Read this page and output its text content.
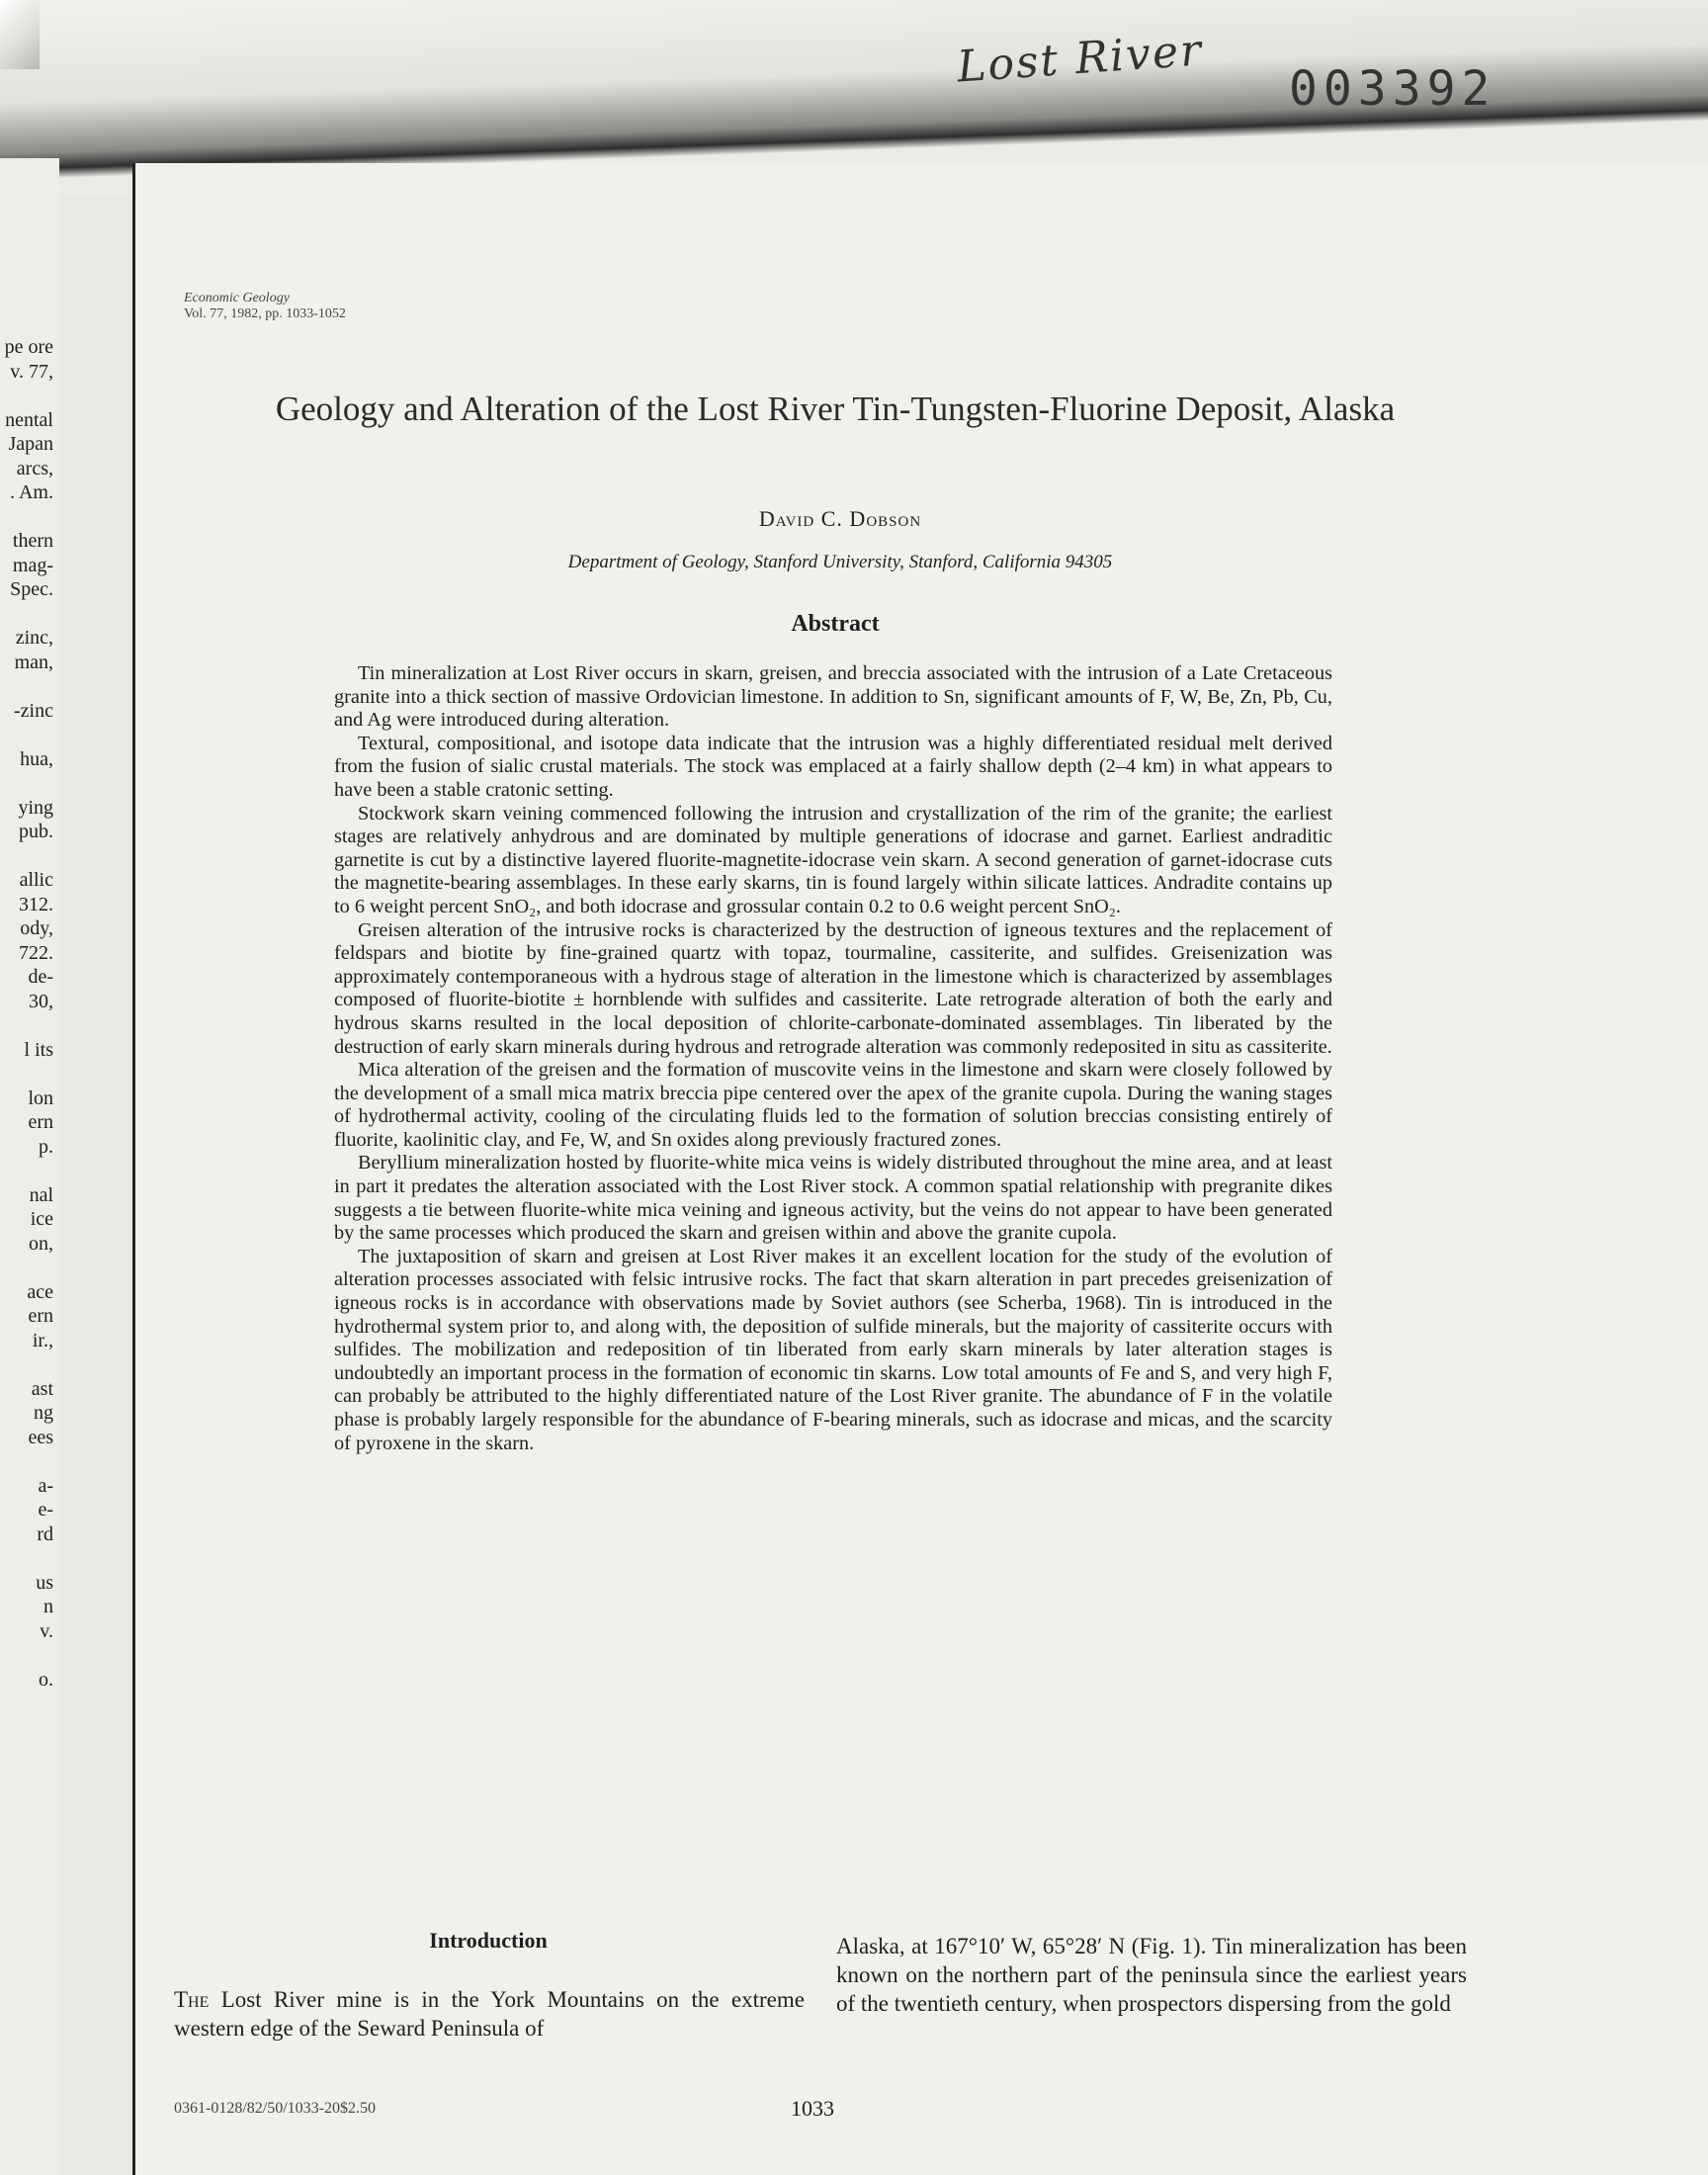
pe ore
v. 77,
nental
Japan
arcs,
. Am.
thern
mag-
Spec.
zinc,
man,
-zinc
hua,
ying
pub.
allic
312.
ody,
722.
de-
30,
l its
lon
ern
p.
nal
ice
on,
ace
ern
ir.,
ast
ng
ees
a-
e-
rd
us
n
v.
o.
Lost River 003392
Economic Geology
Vol. 77, 1982, pp. 1033-1052
Geology and Alteration of the Lost River Tin-Tungsten-Fluorine Deposit, Alaska
David C. Dobson
Department of Geology, Stanford University, Stanford, California 94305
Abstract

Tin mineralization at Lost River occurs in skarn, greisen, and breccia associated with the intrusion of a Late Cretaceous granite into a thick section of massive Ordovician limestone. In addition to Sn, significant amounts of F, W, Be, Zn, Pb, Cu, and Ag were introduced during alteration.

Textural, compositional, and isotope data indicate that the intrusion was a highly differentiated residual melt derived from the fusion of sialic crustal materials. The stock was emplaced at a fairly shallow depth (2–4 km) in what appears to have been a stable cratonic setting.

Stockwork skarn veining commenced following the intrusion and crystallization of the rim of the granite; the earliest stages are relatively anhydrous and are dominated by multiple generations of idocrase and garnet. Earliest andraditic garnetite is cut by a distinctive layered fluorite-magnetite-idocrase vein skarn. A second generation of garnet-idocrase cuts the magnetite-bearing assemblages. In these early skarns, tin is found largely within silicate lattices. Andradite contains up to 6 weight percent SnO₂, and both idocrase and grossular contain 0.2 to 0.6 weight percent SnO₂.

Greisen alteration of the intrusive rocks is characterized by the destruction of igneous textures and the replacement of feldspars and biotite by fine-grained quartz with topaz, tourmaline, cassiterite, and sulfides. Greisenization was approximately contemporaneous with a hydrous stage of alteration in the limestone which is characterized by assemblages composed of fluorite-biotite ± hornblende with sulfides and cassiterite. Late retrograde alteration of both the early and hydrous skarns resulted in the local deposition of chlorite-carbonate-dominated assemblages. Tin liberated by the destruction of early skarn minerals during hydrous and retrograde alteration was commonly redeposited in situ as cassiterite.

Mica alteration of the greisen and the formation of muscovite veins in the limestone and skarn were closely followed by the development of a small mica matrix breccia pipe centered over the apex of the granite cupola. During the waning stages of hydrothermal activity, cooling of the circulating fluids led to the formation of solution breccias consisting entirely of fluorite, kaolinitic clay, and Fe, W, and Sn oxides along previously fractured zones.

Beryllium mineralization hosted by fluorite-white mica veins is widely distributed throughout the mine area, and at least in part it predates the alteration associated with the Lost River stock. A common spatial relationship with pregranite dikes suggests a tie between fluorite-white mica veining and igneous activity, but the veins do not appear to have been generated by the same processes which produced the skarn and greisen within and above the granite cupola.

The juxtaposition of skarn and greisen at Lost River makes it an excellent location for the study of the evolution of alteration processes associated with felsic intrusive rocks. The fact that skarn alteration in part precedes greisenization of igneous rocks is in accordance with observations made by Soviet authors (see Scherba, 1968). Tin is introduced in the hydrothermal system prior to, and along with, the deposition of sulfide minerals, but the majority of cassiterite occurs with sulfides. The mobilization and redeposition of tin liberated from early skarn minerals by later alteration stages is undoubtedly an important process in the formation of economic tin skarns. Low total amounts of Fe and S, and very high F, can probably be attributed to the highly differentiated nature of the Lost River granite. The abundance of F in the volatile phase is probably largely responsible for the abundance of F-bearing minerals, such as idocrase and micas, and the scarcity of pyroxene in the skarn.

Introduction
The Lost River mine is in the York Mountains on the extreme western edge of the Seward Peninsula of
Alaska, at 167°10′ W, 65°28′ N (Fig. 1). Tin mineralization has been known on the northern part of the peninsula since the earliest years of the twentieth century, when prospectors dispersing from the gold
0361-0128/82/50/1033-20$2.50	1033
